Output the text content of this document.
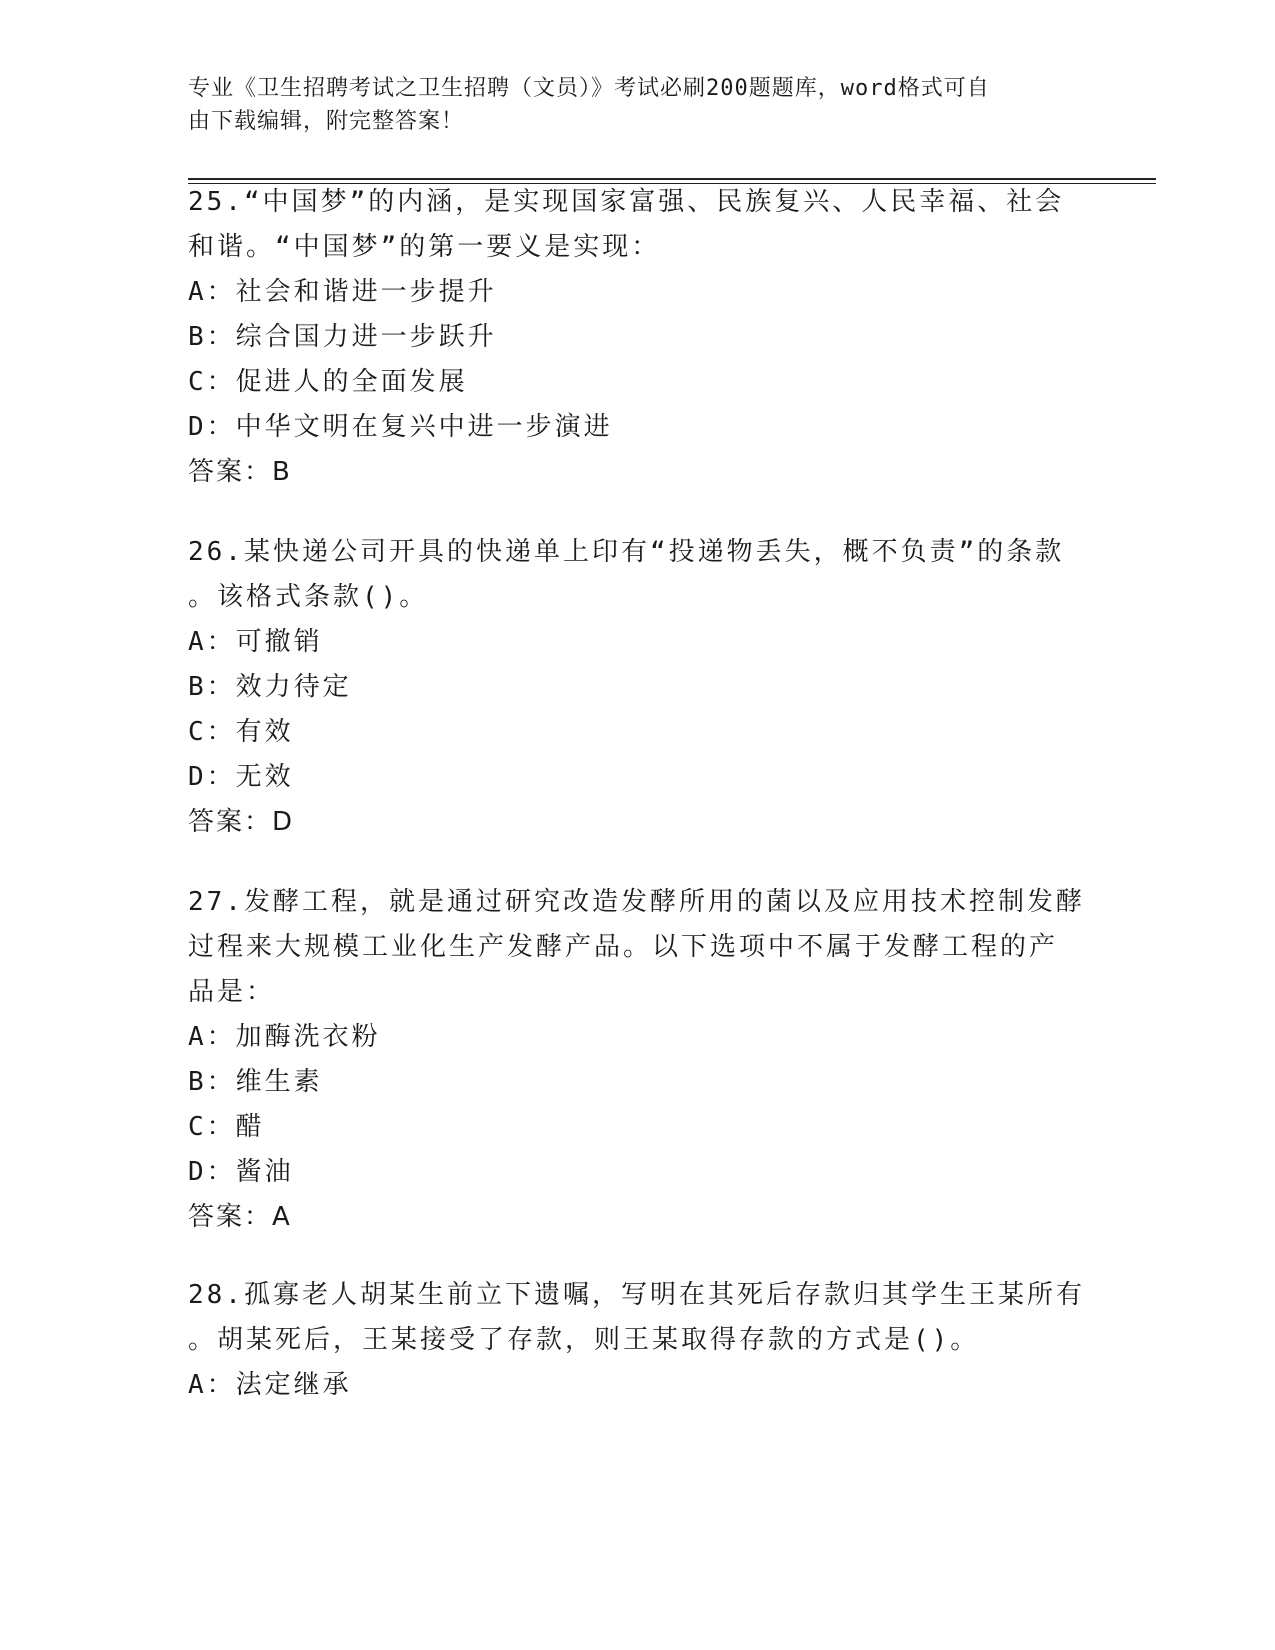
专业《卫生招聘考试之卫生招聘（文员）》考试必刷200题题库，word格式可自
由下载编辑，附完整答案！

25.“中国梦”的内涵，是实现国家富强、民族复兴、人民幸福、社会

和谐。“中国梦”的第一要义是实现：

A：社会和谐进一步提升

B：综合国力进一步跃升

C：促进人的全面发展

D：中华文明在复兴中进一步演进

答案：B

26.某快递公司开具的快递单上印有“投递物丢失，概不负责”的条款

。该格式条款()。

A：可撤销

B：效力待定

C：有效

D：无效

答案：D

27.发酵工程，就是通过研究改造发酵所用的菌以及应用技术控制发酵

过程来大规模工业化生产发酵产品。以下选项中不属于发酵工程的产

品是：

A：加酶洗衣粉

B：维生素

C：醋

D：酱油

答案：A

28.孤寡老人胡某生前立下遗嘱，写明在其死后存款归其学生王某所有

。胡某死后，王某接受了存款，则王某取得存款的方式是()。

A：法定继承
